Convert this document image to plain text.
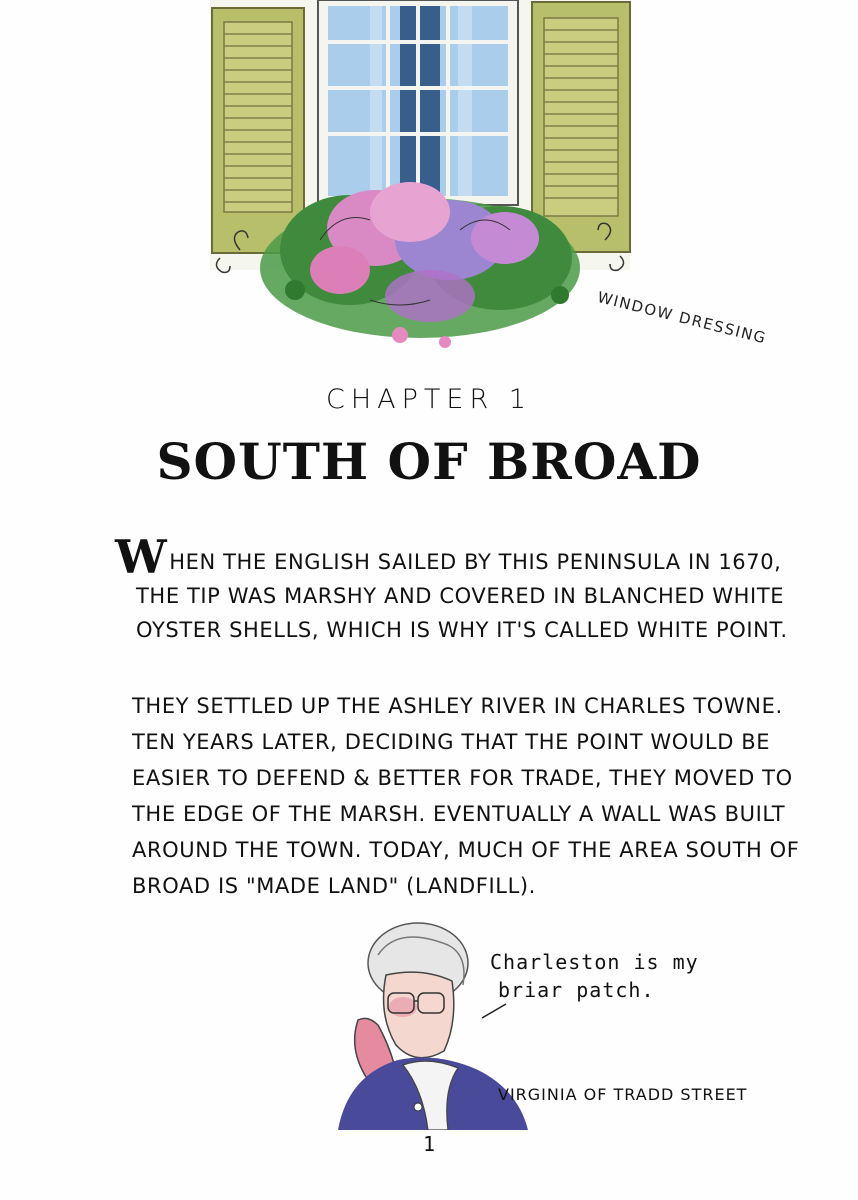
WINDOW DRESSING
CHAPTER 1
SOUTH OF BROAD
WHEN THE ENGLISH SAILED BY THIS PENINSULA IN 1670,
THE TIP WAS MARSHY AND COVERED IN BLANCHED WHITE
OYSTER SHELLS, WHICH IS WHY IT'S CALLED WHITE POINT.
THEY SETTLED UP THE ASHLEY RIVER IN CHARLES TOWNE.
TEN YEARS LATER, DECIDING THAT THE POINT WOULD BE
EASIER TO DEFEND & BETTER FOR TRADE, THEY MOVED TO
THE EDGE OF THE MARSH. EVENTUALLY A WALL WAS BUILT
AROUND THE TOWN. TODAY, MUCH OF THE AREA SOUTH OF
BROAD IS "MADE LAND" (LANDFILL).
Charleston is my
briar patch.
VIRGINIA OF TRADD STREET
1
